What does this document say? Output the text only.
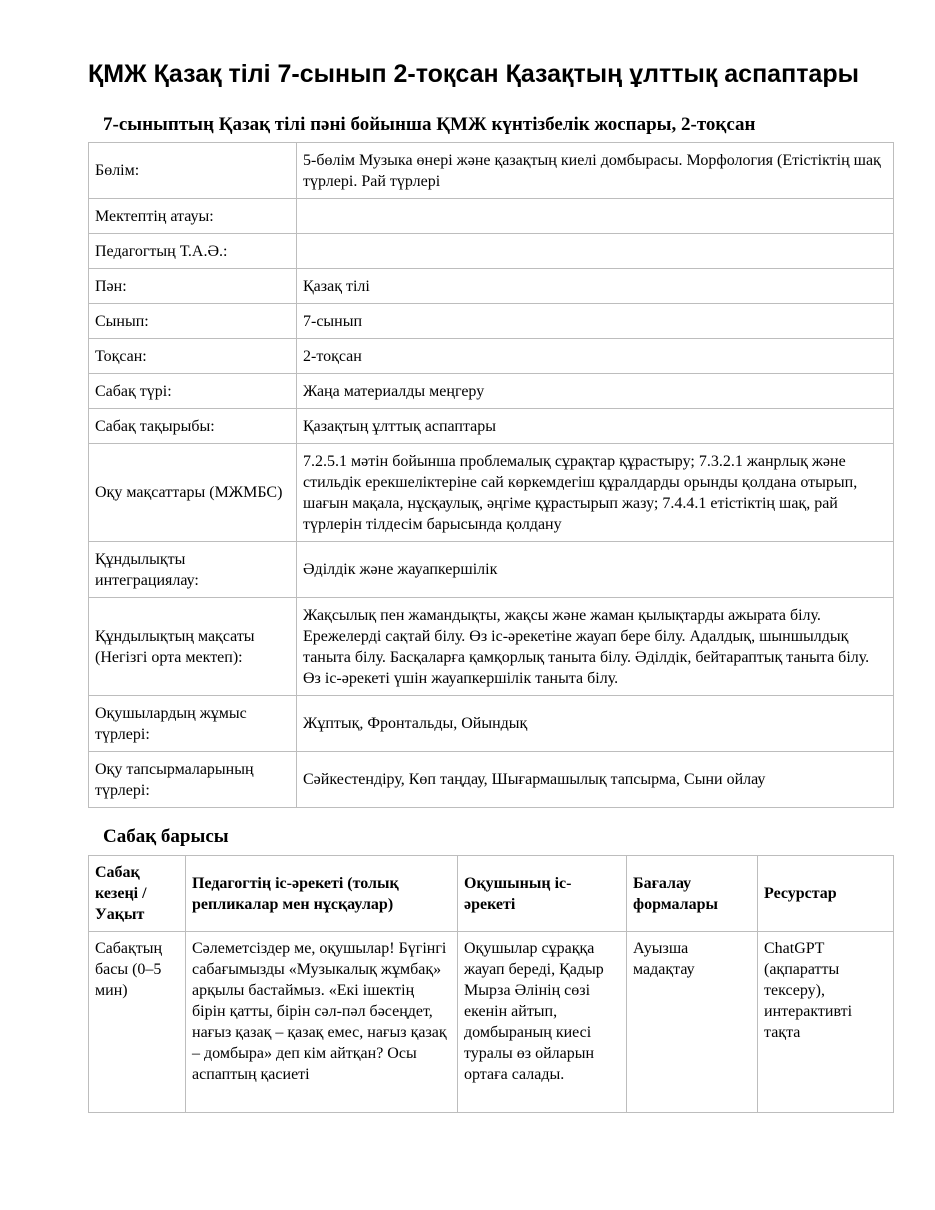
ҚМЖ Қазақ тілі 7-сынып 2-тоқсан Қазақтың ұлттық аспаптары
7-сыныптың Қазақ тілі пәні бойынша ҚМЖ күнтізбелік жоспары, 2-тоқсан
Бөлім:	5-бөлім Музыка өнері және қазақтың киелі домбырасы. Морфология (Етістіктің шақ түрлері. Рай түрлері
Мектептің атауы:	
Педагогтың Т.А.Ә.:	
Пән:	Қазақ тілі
Сынып:	7-сынып
Тоқсан:	2-тоқсан
Сабақ түрі:	Жаңа материалды меңгеру
Сабақ тақырыбы:	Қазақтың ұлттық аспаптары
Оқу мақсаттары (МЖМБС)	7.2.5.1 мәтін бойынша проблемалық сұрақтар құрастыру; 7.3.2.1 жанрлық және стильдік ерекшеліктеріне сай көркемдегіш құралдарды орынды қолдана отырып, шағын мақала, нұсқаулық, әңгіме құрастырып жазу; 7.4.4.1 етістіктің шақ, рай түрлерін тілдесім барысында қолдану
Құндылықты интеграциялау:	Әділдік және жауапкершілік
Құндылықтың мақсаты (Негізгі орта мектеп):	Жақсылық пен жамандықты, жақсы және жаман қылықтарды ажырата білу. Ережелерді сақтай білу. Өз іс-әрекетіне жауап бере білу. Адалдық, шыншылдық таныта білу. Басқаларға қамқорлық таныта білу. Әділдік, бейтараптық таныта білу. Өз іс-әрекеті үшін жауапкершілік таныта білу.
Оқушылардың жұмыс түрлері:	Жұптық, Фронтальды, Ойындық
Оқу тапсырмаларының түрлері:	Сәйкестендіру, Көп таңдау, Шығармашылық тапсырма, Сыни ойлау
Сабақ барысы
Сабақ кезеңі / Уақыт	Педагогтің іс-әрекеті (толық репликалар мен нұсқаулар)	Оқушының іс-әрекеті	Бағалау формалары	Ресурстар
Сабақтың басы (0–5 мин)	Сәлеметсіздер ме, оқушылар! Бүгінгі сабағымызды «Музыкалық жұмбақ» арқылы бастаймыз. «Екі ішектің бірін қатты, бірін сәл-пәл бәсеңдет, нағыз қазақ – қазақ емес, нағыз қазақ – домбыра» деп кім айтқан? Осы аспаптың қасиеті	Оқушылар сұраққа жауап береді, Қадыр Мырза Әлінің сөзі екенін айтып, домбыраның киесі туралы өз ойларын ортаға салады.	Ауызша мадақтау	ChatGPT (ақпаратты тексеру), интерактивті тақта
